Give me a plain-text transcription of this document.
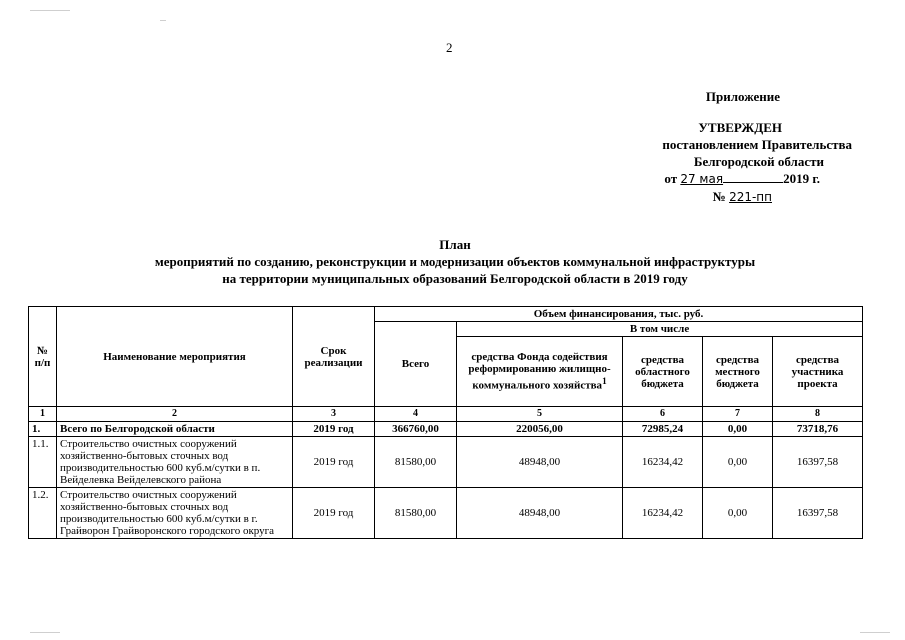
2
Приложение
УТВЕРЖДЕН
постановлением Правительства
Белгородской области
от 27 мая	2019 г.
№ 221-пп
План
мероприятий по созданию, реконструкции и модернизации объектов коммунальной инфраструктуры
на территории муниципальных образований Белгородской области в 2019 году
№ п/п	Наименование мероприятия	Срок реализации	Объем финансирования, тыс. руб.				
			Всего	В том числе			
				средства Фонда содействия реформированию жилищно-коммунального хозяйства$^1$	средства областного бюджета	средства местного бюджета	средства участника проекта
1	2	3	4	5	6	7	8
1.	Всего по Белгородской области	2019 год	366760,00	220056,00	72985,24	0,00	73718,76
1.1.	Строительство очистных сооружений хозяйственно-бытовых сточных вод производительностью 600 куб.м/сутки в п. Вейделевка Вейделевского района	2019 год	81580,00	48948,00	16234,42	0,00	16397,58
1.2.	Строительство очистных сооружений хозяйственно-бытовых сточных вод производительностью 600 куб.м/сутки в г. Грайворон Грайворонского городского округа	2019 год	81580,00	48948,00	16234,42	0,00	16397,58
